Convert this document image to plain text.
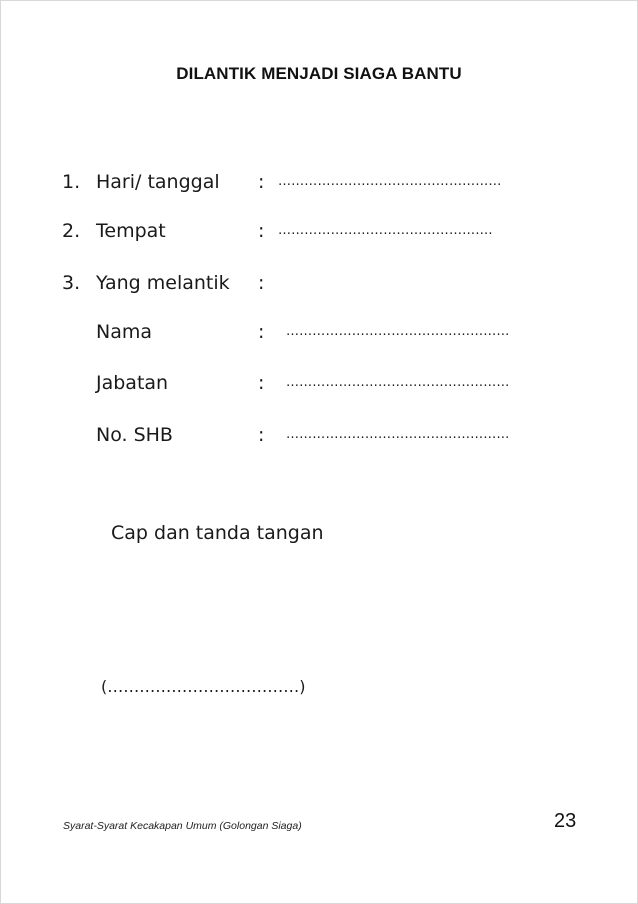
DILANTIK MENJADI SIAGA BANTU
1. Hari/ tanggal : ……………………………………………
2. Tempat	: ………………………………………….
3. Yang melantik :
Nama	: ……………………………………………
Jabatan	: ……………………………………………
No. SHB	: ……………………………………………
Cap dan tanda tangan
(………………………………)
Syarat-Syarat Kecakapan Umum (Golongan Siaga)	23
